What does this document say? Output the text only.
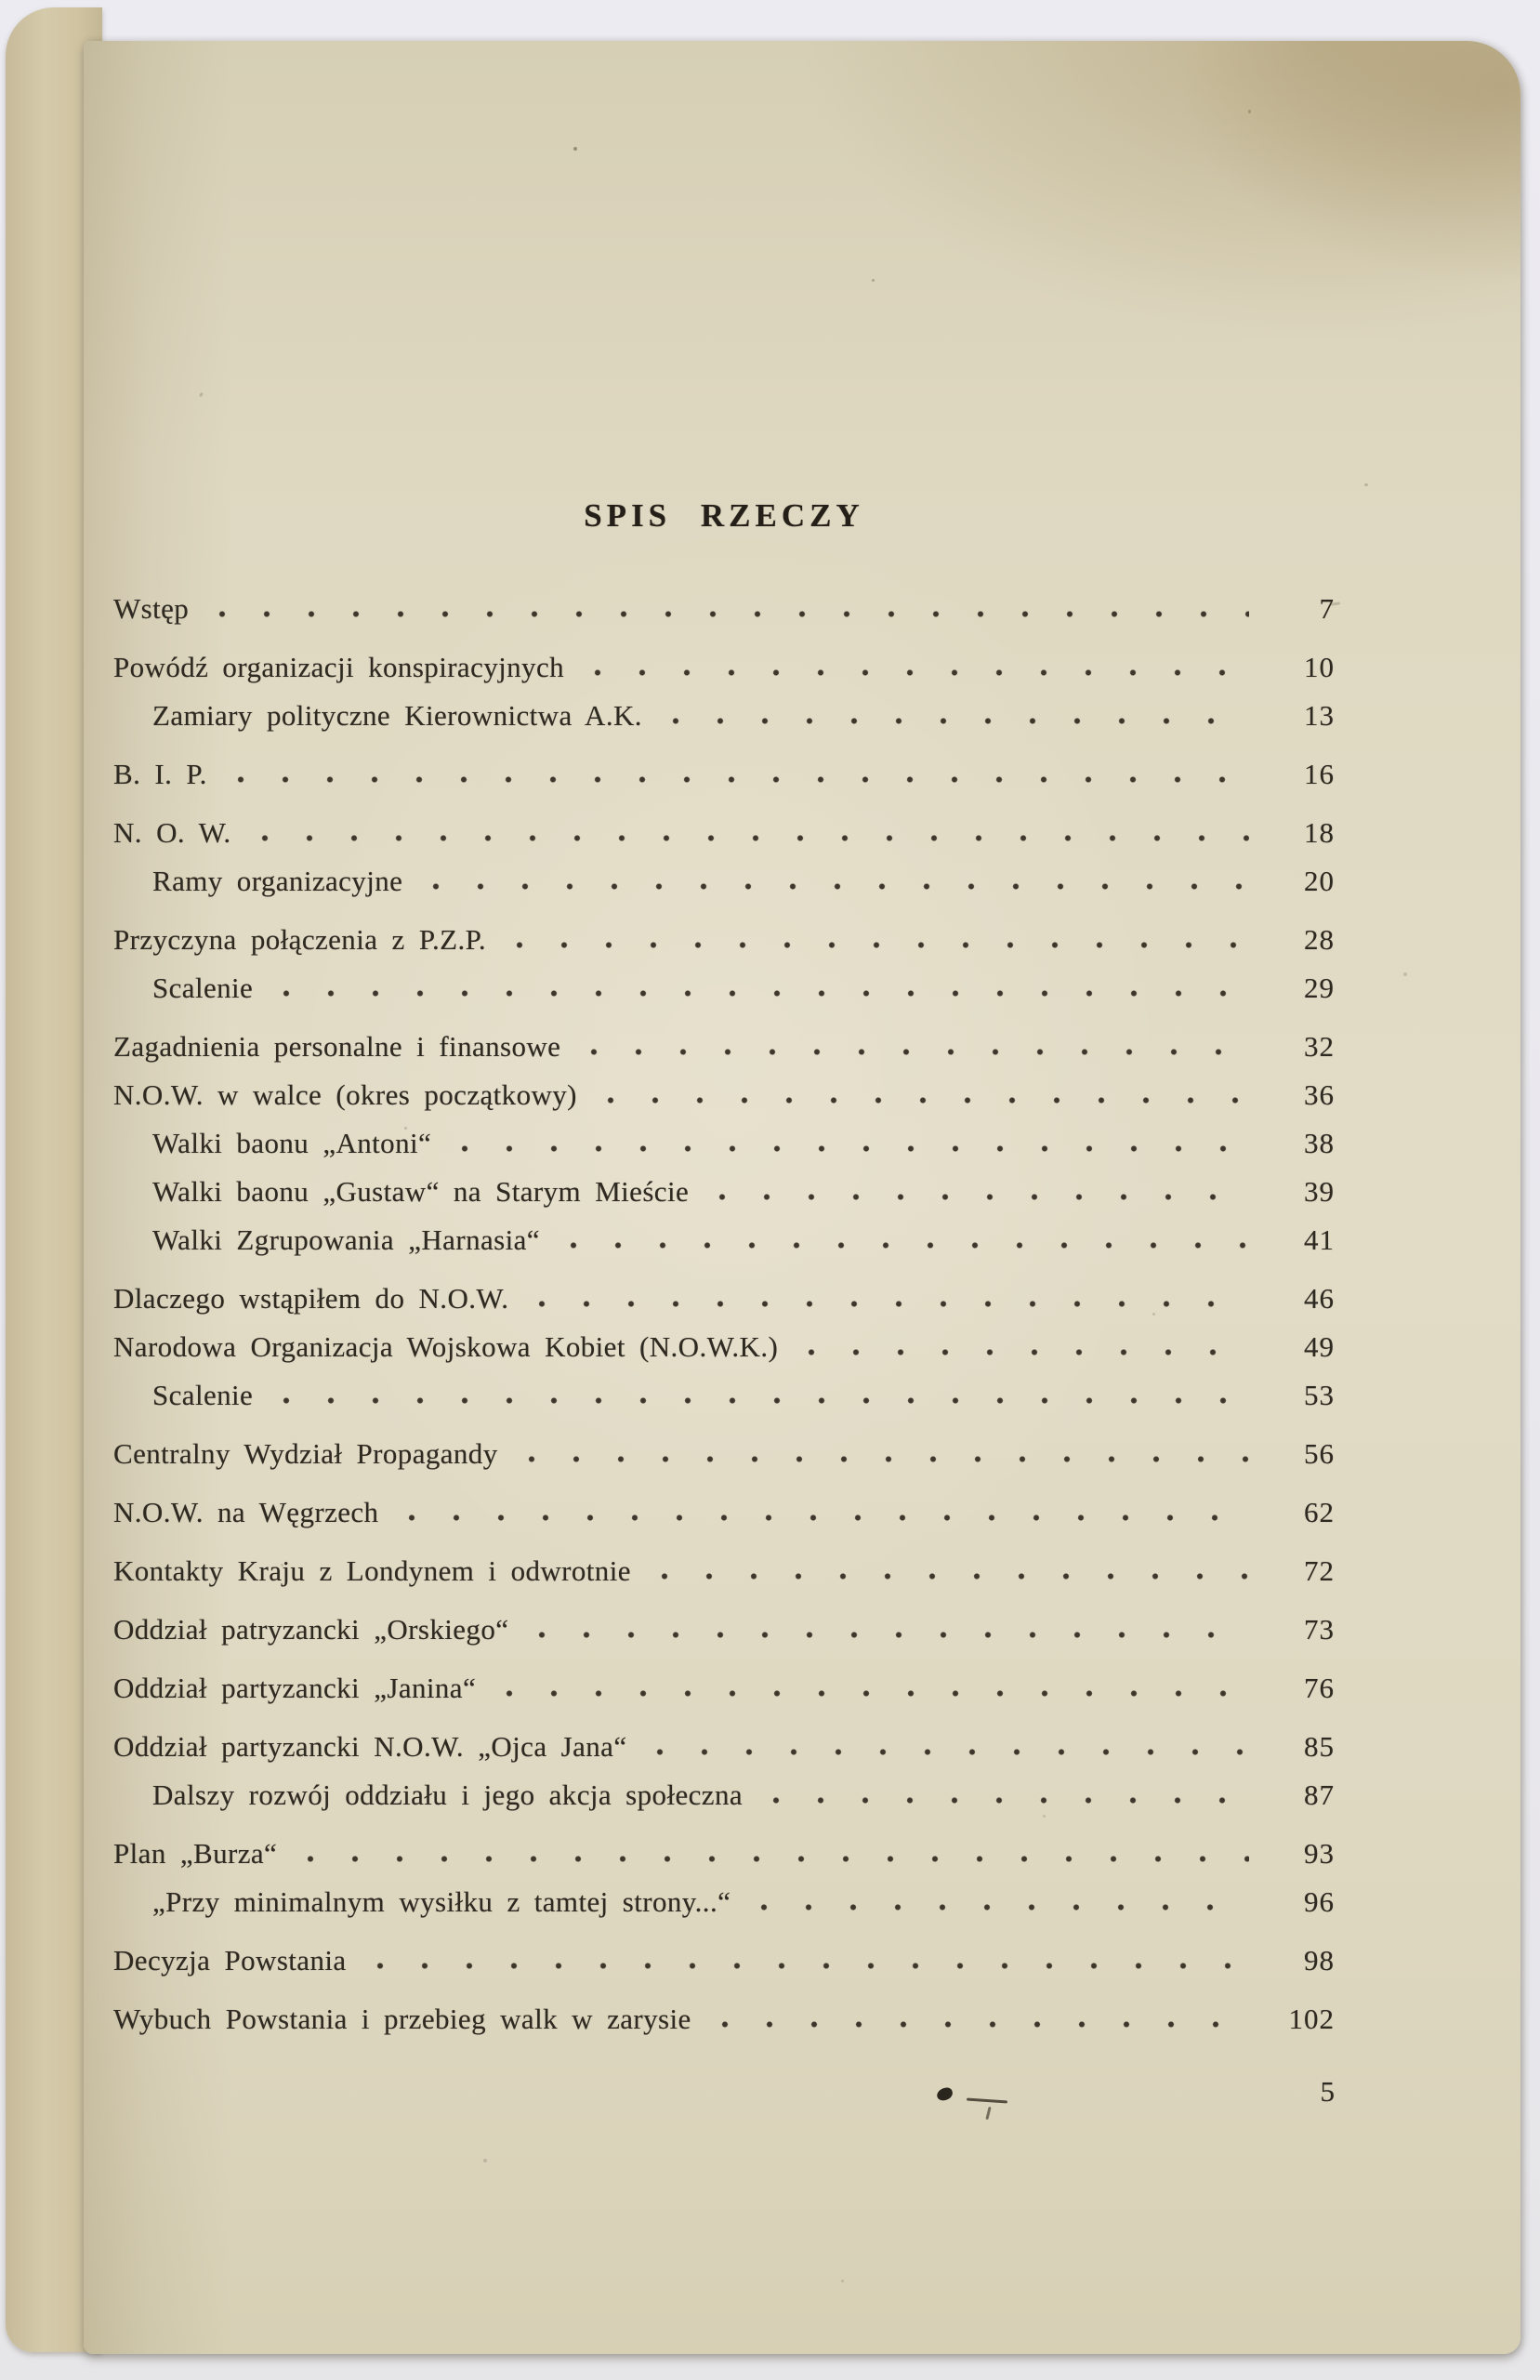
SPIS RZECZY
Wstęp	7
Powódź organizacji konspiracyjnych	10
Zamiary polityczne Kierownictwa A.K.	13
B. I. P.	16
N. O. W.	18
Ramy organizacyjne	20
Przyczyna połączenia z P.Z.P.	28
Scalenie	29
Zagadnienia personalne i finansowe	32
N.O.W. w walce (okres początkowy)	36
Walki baonu „Antoni“	38
Walki baonu „Gustaw“ na Starym Mieście	39
Walki Zgrupowania „Harnasia“	41
Dlaczego wstąpiłem do N.O.W.	46
Narodowa Organizacja Wojskowa Kobiet (N.O.W.K.)	49
Scalenie	53
Centralny Wydział Propagandy	56
N.O.W. na Węgrzech	62
Kontakty Kraju z Londynem i odwrotnie	72
Oddział patryzancki „Orskiego“	73
Oddział partyzancki „Janina“	76
Oddział partyzancki N.O.W. „Ojca Jana“	85
Dalszy rozwój oddziału i jego akcja społeczna	87
Plan „Burza“	93
„Przy minimalnym wysiłku z tamtej strony...“	96
Decyzja Powstania	98
Wybuch Powstania i przebieg walk w zarysie	102
5
